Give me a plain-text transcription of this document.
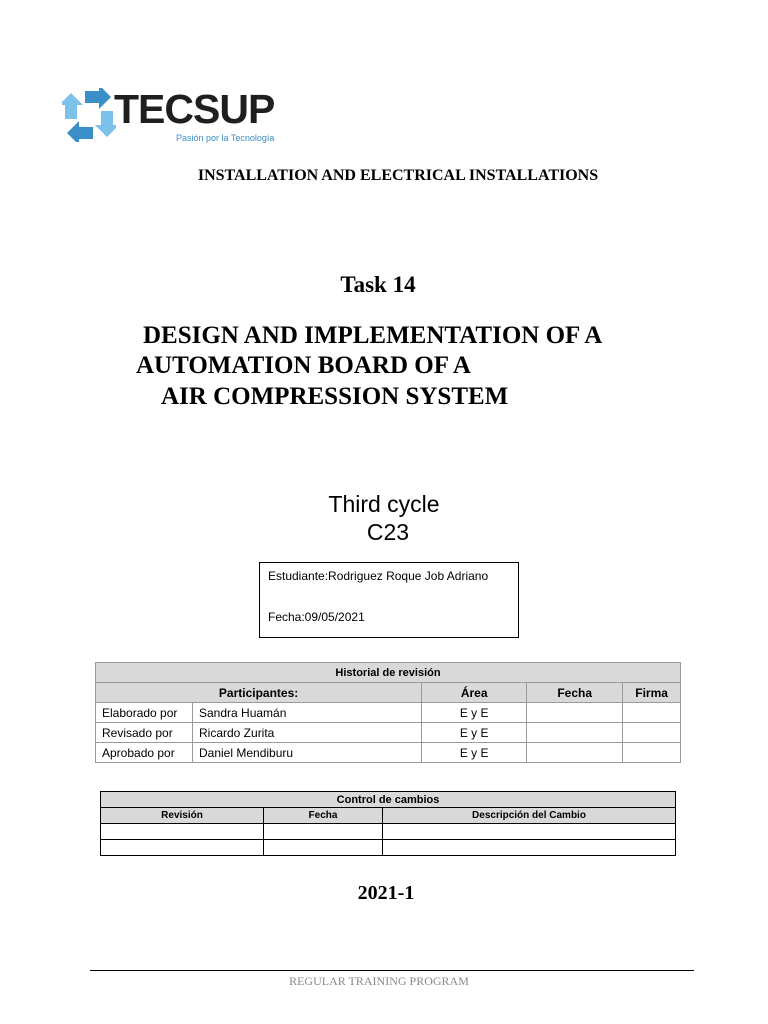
TECSUP
Pasión por la Tecnología
INSTALLATION AND ELECTRICAL INSTALLATIONS
Task 14
DESIGN AND IMPLEMENTATION OF A
AUTOMATION BOARD OF A
AIR COMPRESSION SYSTEM
Third cycle
C23
Estudiante:Rodriguez Roque Job Adriano
Fecha:09/05/2021
Historial de revisión				
Participantes:		Área	Fecha	Firma
Elaborado por	Sandra Huamán	E y E		
Revisado por	Ricardo Zurita	E y E		
Aprobado por	Daniel Mendiburu	E y E		
Control de cambios		
Revisión	Fecha	Descripción del Cambio

2021-1
REGULAR TRAINING PROGRAM
